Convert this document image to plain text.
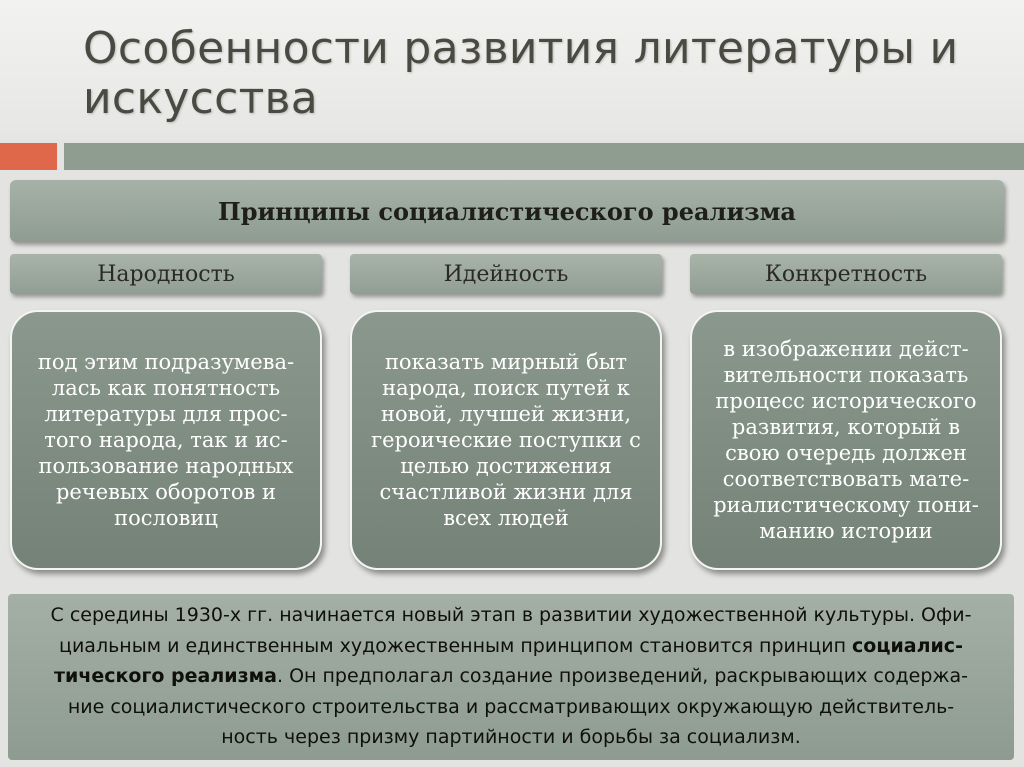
Особенности развития литературы и искусства
Принципы социалистического реализма
Народность	Идейность	Конкретность

под этим подразумева-
лась как понятность
литературы для прос-
того народа, так и ис-
пользование народных
речевых оборотов и
пословиц

показать мирный быт
народа, поиск путей к
новой, лучшей жизни,
героические поступки с
целью достижения
счастливой жизни для
всех людей

в изображении дейст-
вительности показать
процесс исторического
развития, который в
свою очередь должен
соответствовать мате-
риалистическому пони-
манию истории

С середины 1930-х гг. начинается новый этап в развитии художественной культуры. Офи-
циальным и единственным художественным принципом становится принцип социалис-
тического реализма. Он предполагал создание произведений, раскрывающих содержа-
ние социалистического строительства и рассматривающих окружающую действитель-
ность через призму партийности и борьбы за социализм.
